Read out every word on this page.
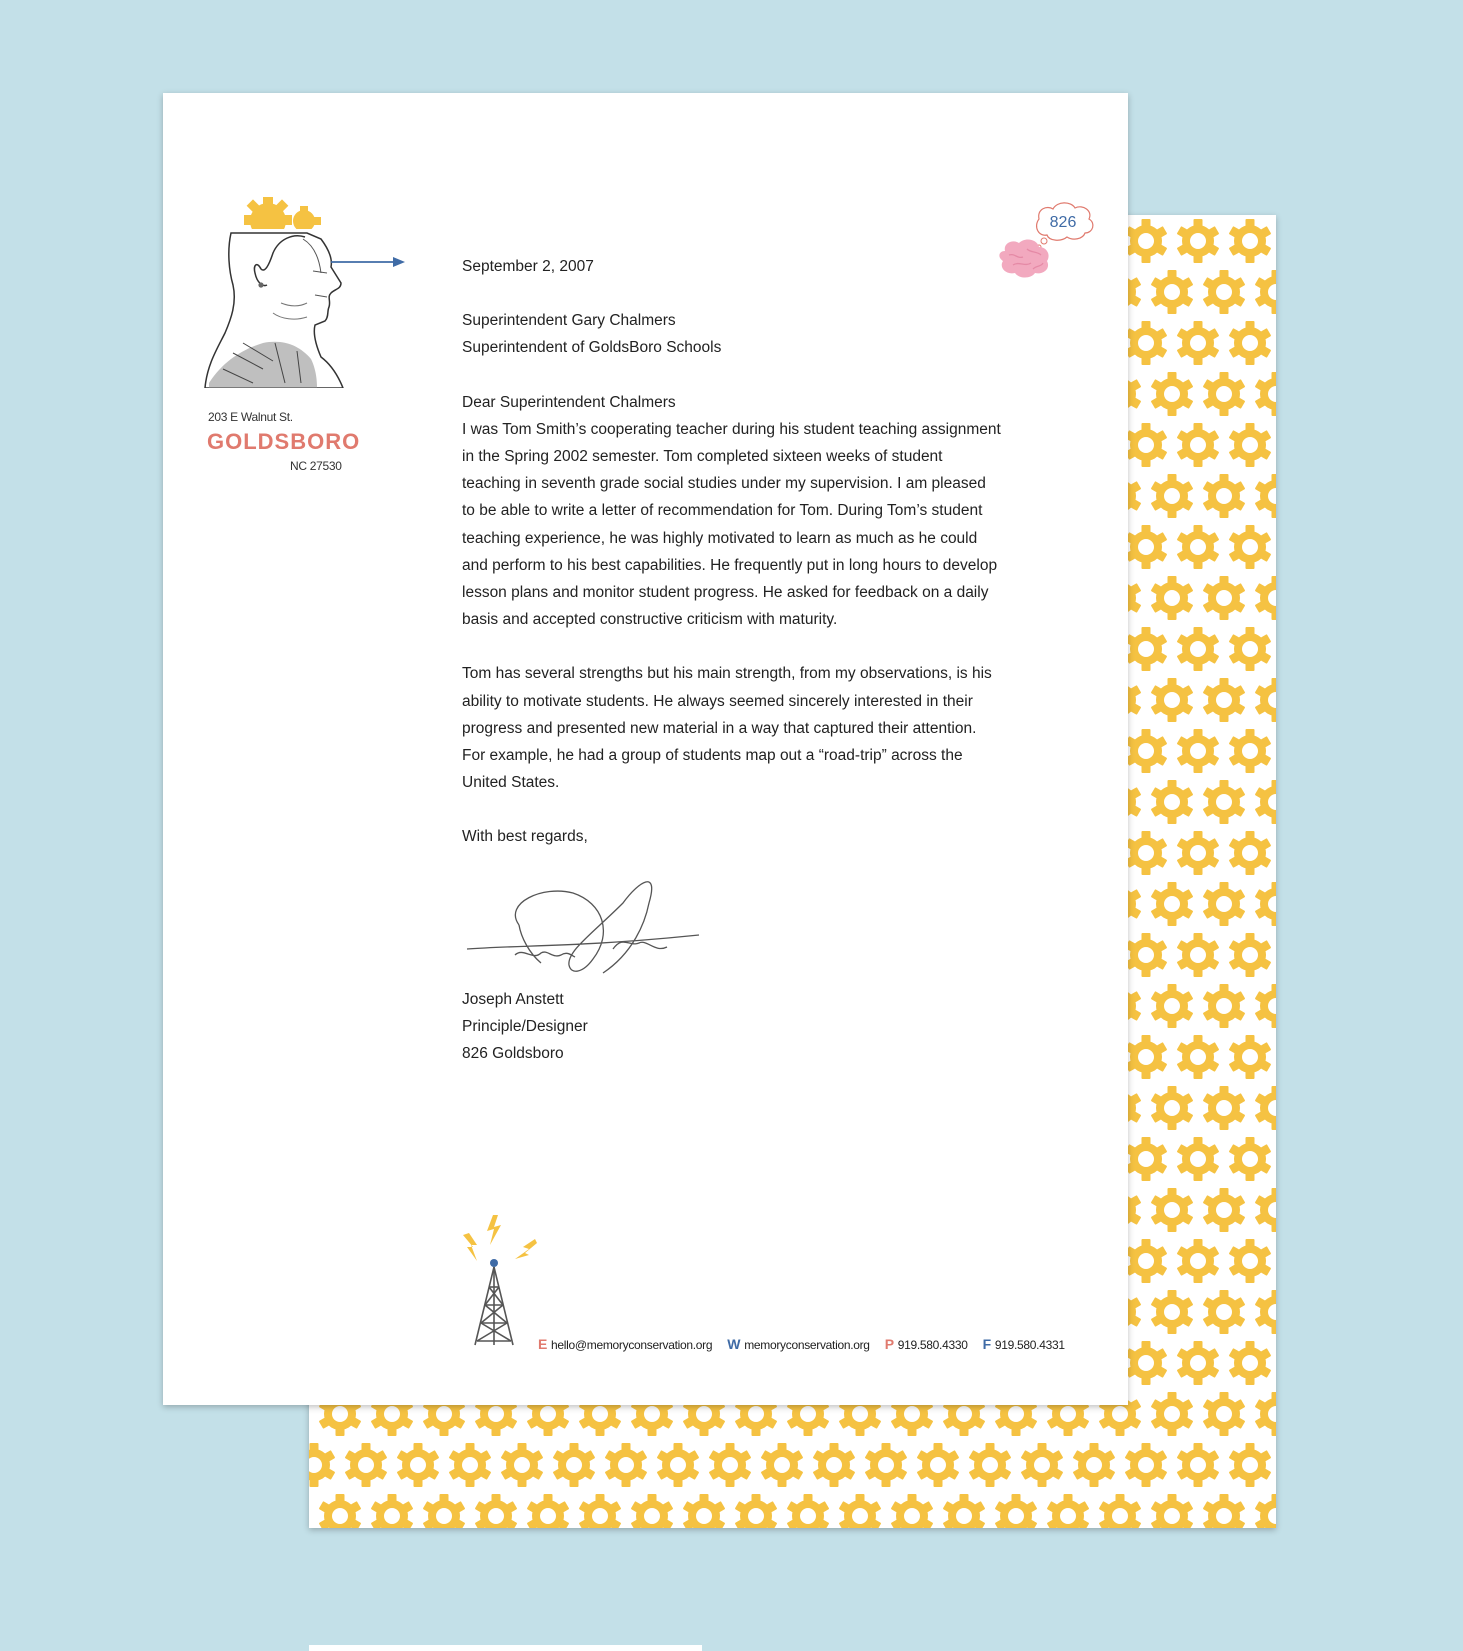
203 E Walnut St.
GOLDSBORO
NC 27530
826

September 2, 2007

Superintendent Gary Chalmers

Superintendent of GoldsBoro Schools

Dear Superintendent Chalmers

I was Tom Smith’s cooperating teacher during his student teaching assignment in the Spring 2002 semester. Tom completed sixteen weeks of student teaching in seventh grade social studies under my supervision. I am pleased to be able to write a letter of recommendation for Tom. During Tom’s student teaching experience, he was highly motivated to learn as much as he could and perform to his best capabilities. He frequently put in long hours to develop lesson plans and monitor student progress. He asked for feedback on a daily basis and accepted constructive criticism with maturity.

Tom has several strengths but his main strength, from my observations, is his ability to motivate students. He always seemed sincerely interested in their progress and presented new material in a way that captured their attention. For example, he had a group of students map out a “road-trip” across the United States.

With best regards,

Joseph Anstett
Principle/Designer
826 Goldsboro
E hello@memoryconservation.org W memoryconservation.org P 919.580.4330 F 919.580.4331
